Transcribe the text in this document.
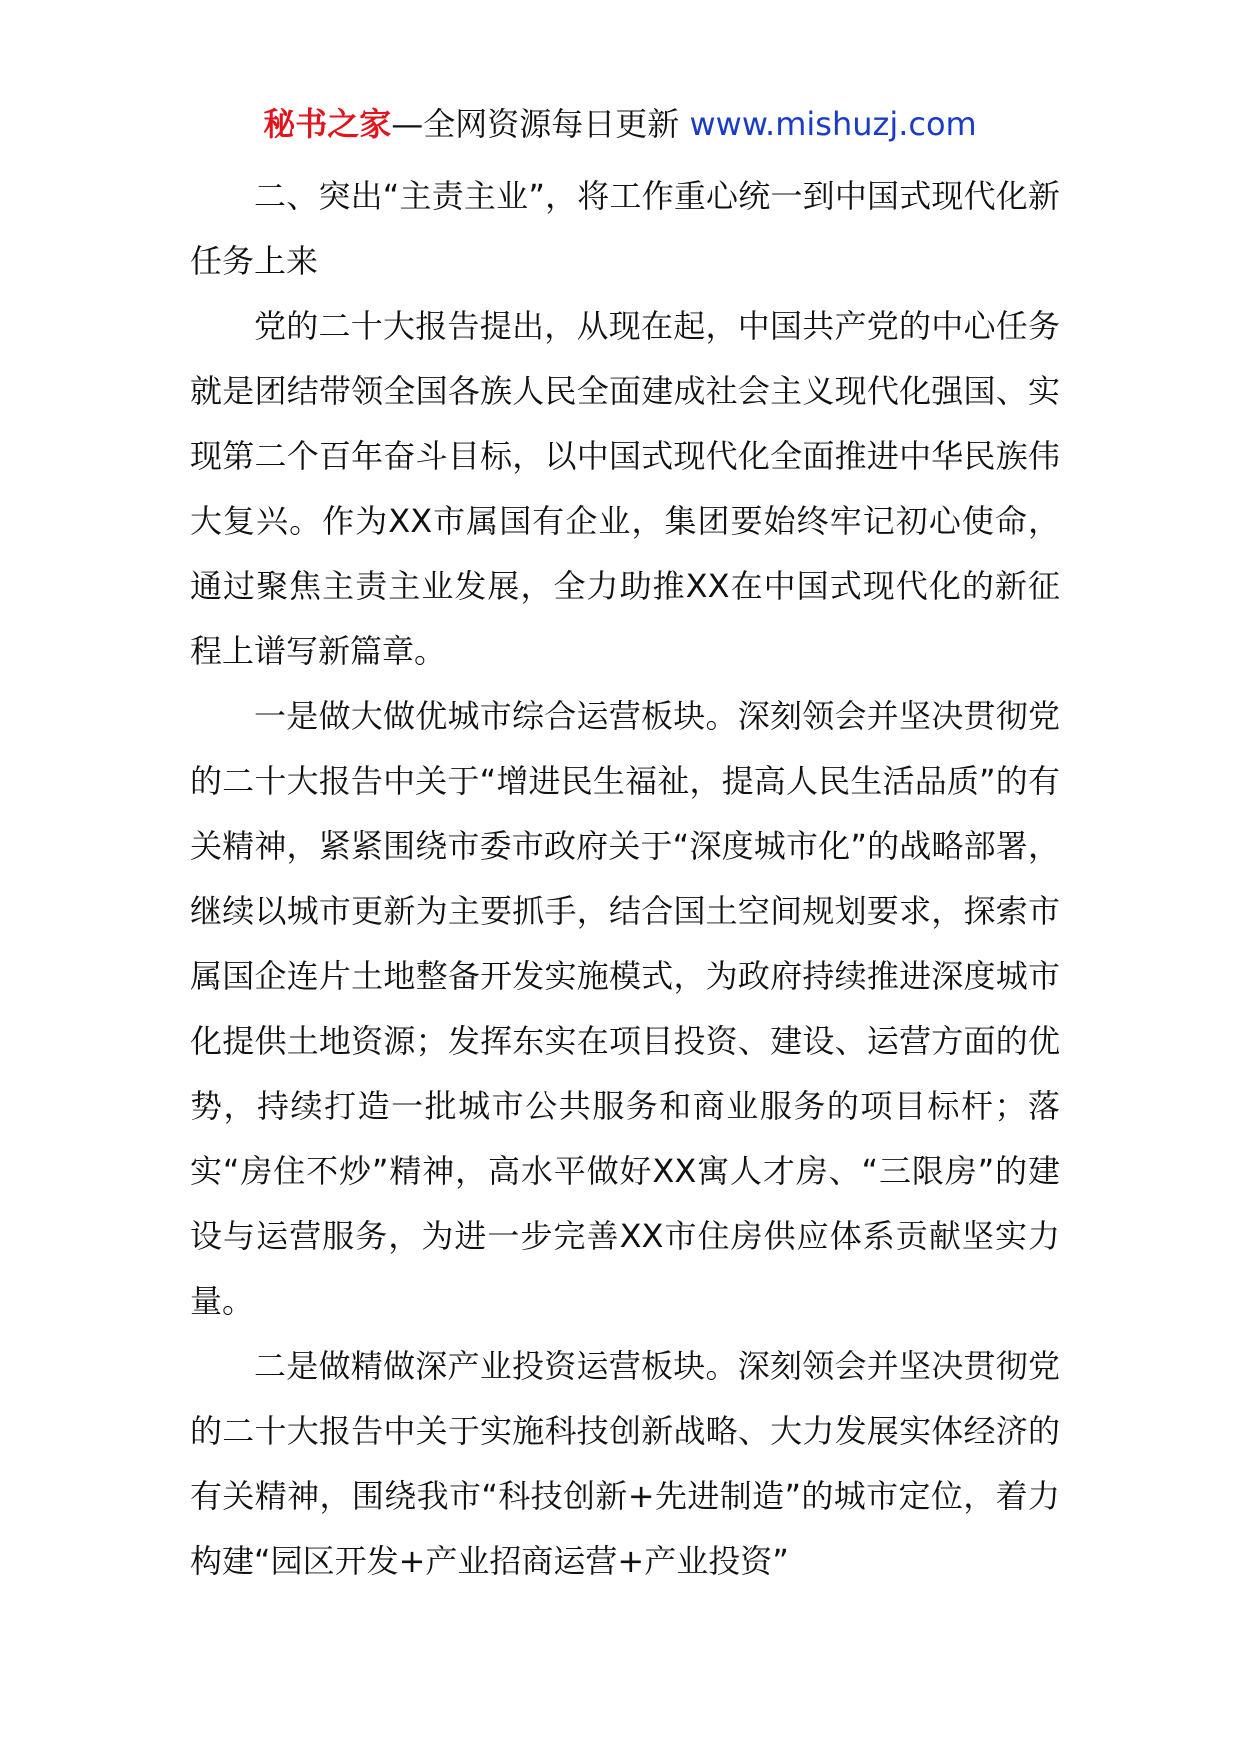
秘书之家—全网资源每日更新 www.mishuzj.com

二、突出“主责主业”，将工作重心统一到中国式现代化新任务上来

党的二十大报告提出，从现在起，中国共产党的中心任务就是团结带领全国各族人民全面建成社会主义现代化强国、实现第二个百年奋斗目标，以中国式现代化全面推进中华民族伟大复兴。作为XX市属国有企业，集团要始终牢记初心使命，通过聚焦主责主业发展，全力助推XX在中国式现代化的新征程上谱写新篇章。

一是做大做优城市综合运营板块。深刻领会并坚决贯彻党的二十大报告中关于“增进民生福祉，提高人民生活品质”的有关精神，紧紧围绕市委市政府关于“深度城市化”的战略部署，继续以城市更新为主要抓手，结合国土空间规划要求，探索市属国企连片土地整备开发实施模式，为政府持续推进深度城市化提供土地资源；发挥东实在项目投资、建设、运营方面的优势，持续打造一批城市公共服务和商业服务的项目标杆；落实“房住不炒”精神，高水平做好XX寓人才房、“三限房”的建设与运营服务，为进一步完善XX市住房供应体系贡献坚实力量。

二是做精做深产业投资运营板块。深刻领会并坚决贯彻党的二十大报告中关于实施科技创新战略、大力发展实体经济的有关精神，围绕我市“科技创新+先进制造”的城市定位，着力构建“园区开发+产业招商运营+产业投资”
